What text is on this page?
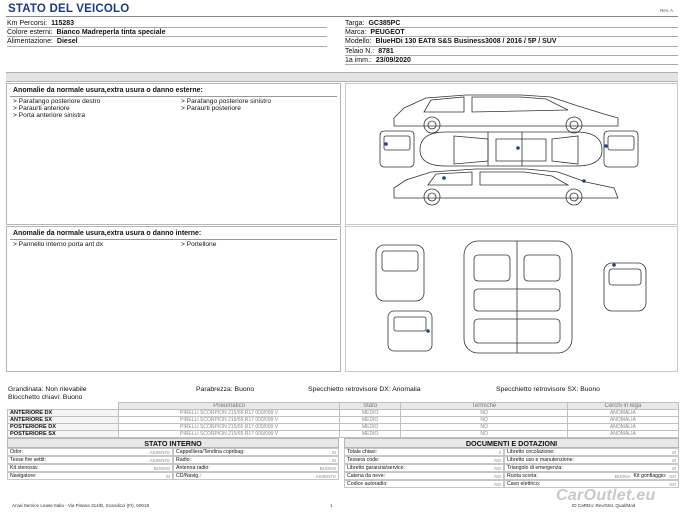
STATO DEL VEICOLO	Rev. A
Km Percorsi: 115283
Colore esterni: Bianco Madreperla tinta speciale
Alimentazione: Diesel
Targa: GC385PC
Marca: PEUGEOT
Modello: BlueHDi 130 EAT8 S&S Business3008 / 2016 / 5P / SUV
Telaio N.: 8781
1a imm.: 23/09/2020
Anomalie da normale usura,extra usura o danno esterne:
> Parafango posteriore destro	> Parafango posteriore sinistro
> Paraurti anteriore	> Paraurti posteriore
> Porta anteriore sinistra
Anomalie da normale usura,extra usura o danno interne:
> Pannello interno porta ant dx	> Portellone
Grandinata: Non rilevabile	Parabrezza: Buono	Specchietto retrovisore DX: Anomalia	Specchietto retrovisore SX: Buono
Blocchetto chiavi: Buono
	Pneumatico	Stato	Termiche	Cerchi in lega
ANTERIORE DX	PIRELLI SCORPION 215/65 R17 000/099 V	MEDIO	NO	ANOMALIA
ANTERIORE SX	PIRELLI SCORPION 215/65 R17 000/099 V	MEDIO	NO	ANOMALIA
POSTERIORE DX	PIRELLI SCORPION 215/65 R17 000/099 V	MEDIO	NO	ANOMALIA
POSTERIORE SX	PIRELLI SCORPION 215/65 R17 000/099 V	MEDIO	NO	ANOMALIA
STATO INTERNO
Odor:	ASSENTE Cappelliera/Tendina copribag:	SI
Tesse fire settit:	ASSENTE Radio:	SI
Kit stenosia:	BUONO Antenna radio:	BUONO
Navigatore:	SI CD/Navig.:	ASSENTE
DOCUMENTI E DOTAZIONI
Totale chiavi:	2 Libretto circolazione:	SI
Tessera code:	NO Libretto uso e manutenzione:	SI
Libretto garanzia/service:	NO Triangolo di emergenza:	SI
Catena da neve:	NO Ruota scorta:	BUONA Kit gonfiaggio: NO
Codice autoradio:	NO Cavo elettrico:	NO
Arval Service Lease Italia - Via Pisana 314/B, Scandicci (FI), 50018	1	ID CaRDo: Rev/Stst. Qual/Mod
CarOutlet.eu
